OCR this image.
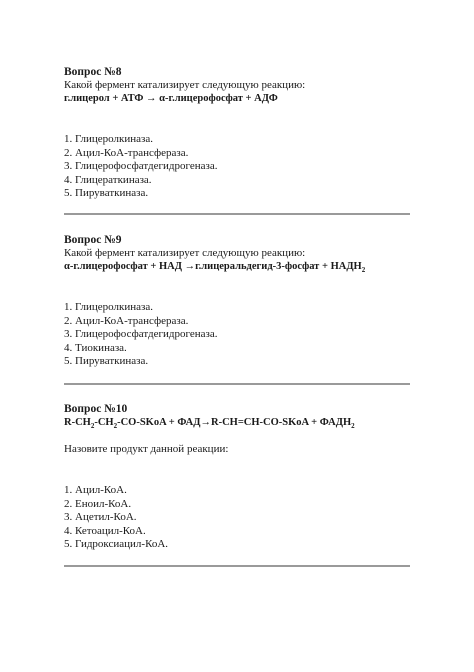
Вопрос №8

Какой фермент катализирует следующую реакцию:

г.лицерол + АТФ → α-г.лицерофосфат + АДФ

1. Глицеролкиназа.
2. Ацил-КоА-трансфераза.
3. Глицерофосфатдегидрогеназа.
4. Глицераткиназа.
5. Пируваткиназа.

Вопрос №9

Какой фермент катализирует следующую реакцию:

α-г.лицерофосфат + НАД →г.лицеральдегид-3-фосфат + $НАДН_2$

1. Глицеролкиназа.
2. Ацил-КоА-трансфераза.
3. Глицерофосфатдегидрогеназа.
4. Тиокиназа.
5. Пируваткиназа.

Вопрос №10

$R-CH_2-CH_2-CO$-SKoA + ФАД→R-CH=CH-CO-SKoA + $ФАДН_2$

Назовите продукт данной реакции:

1. Ацил-КоА.
2. Еноил-КоА.
3. Ацетил-КоА.
4. Кетоацил-КоА.
5. Гидроксиацил-КоА.
